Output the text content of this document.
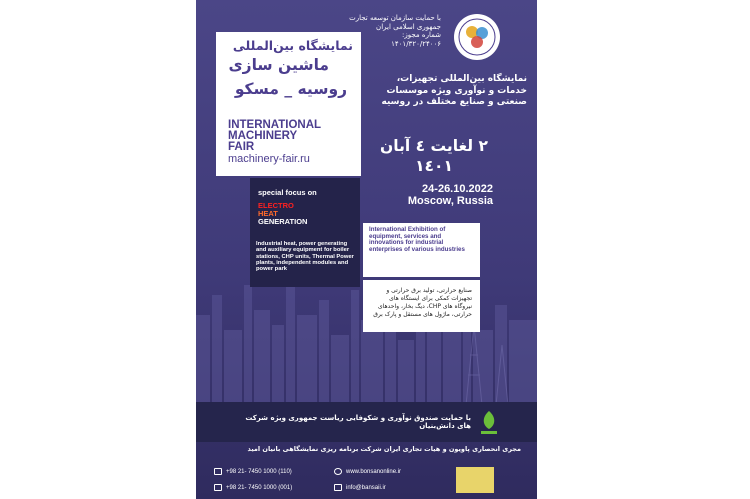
نمایشگاه بین‌المللی
ماشین سازی
روسیه _ مسکو
INTERNATIONAL
MACHINERY
FAIR
machinery-fair.ru
با حمایت سازمان توسعه تجارت
جمهوری اسلامی ایران
شماره مجوز:
۱۴۰۱/۳۲۰/۲۴۰۰۶
نمایشگاه بین‌المللی تجهیزات، خدمات و نوآوری ویژه موسسات صنعتی و صنایع مختلف در روسیه
۲ لغایت ٤ آبان
۱٤۰۱
24-26.10.2022
Moscow, Russia
special focus on
ELECTRO
HEAT
GENERATION
Industrial heat, power generating and auxiliary equipment for boiler stations, CHP units, Thermal Power plants, independent modules and power park
International Exhibition of equipment, services and innovations for industrial enterprises of various industries
صنایع حرارتی، تولید برق حرارتی و تجهیزات کمکی برای ایستگاه های نیروگاه های CHP، دیگ بخار، واحدهای حرارتی، ماژول های مستقل و پارک برق
با حمایت صندوق نوآوری و شکوفایی ریاست جمهوری ویژه شرکت های دانش‌بنیان
مجری انحصاری پاویون و هیات تجاری ایران شرکت برنامه ریزی نمایشگاهی بانیان امید
+98 21- 7450 1000 (110)
+98 21- 7450 1000 (001)
www.bonsanonline.ir
info@bansaii.ir
